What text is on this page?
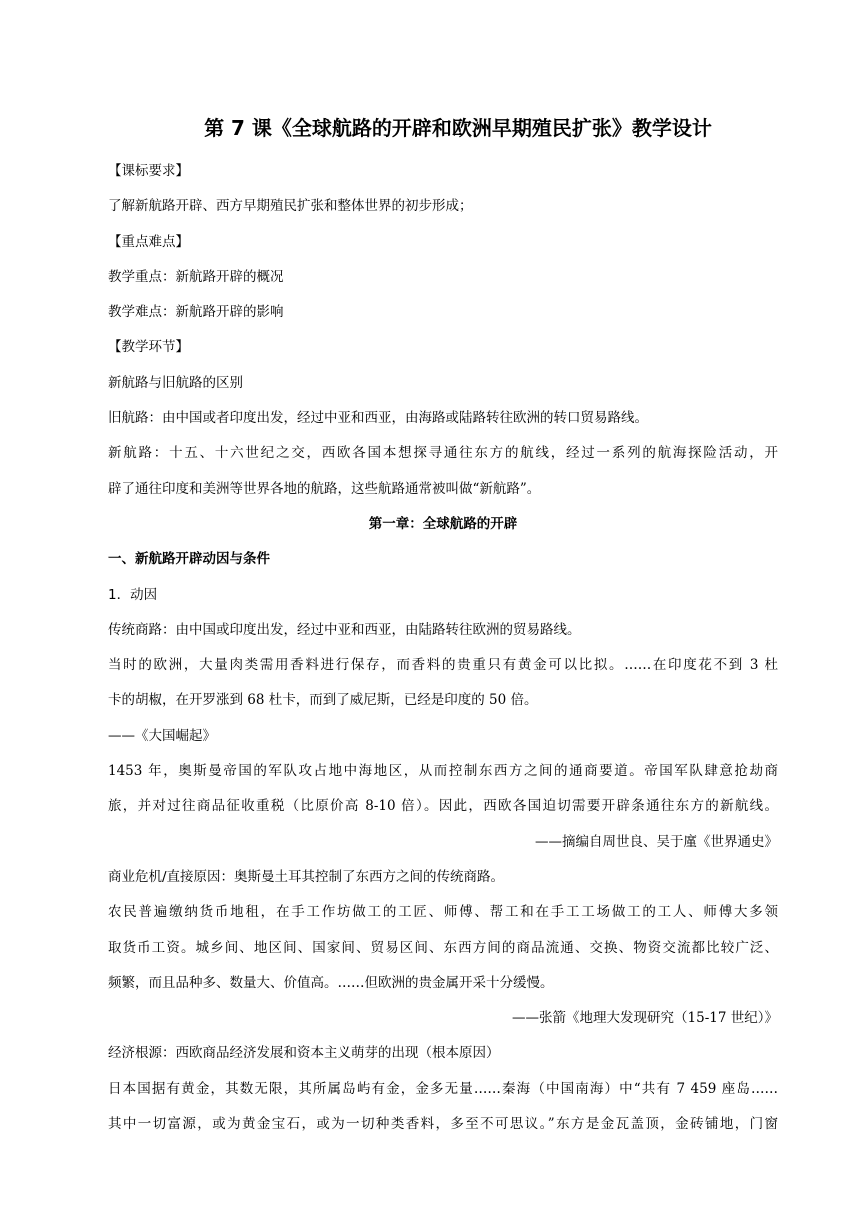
第 7 课《全球航路的开辟和欧洲早期殖民扩张》教学设计
【课标要求】
了解新航路开辟、西方早期殖民扩张和整体世界的初步形成；
【重点难点】
教学重点：新航路开辟的概况
教学难点：新航路开辟的影响
【教学环节】
新航路与旧航路的区别
旧航路：由中国或者印度出发，经过中亚和西亚，由海路或陆路转往欧洲的转口贸易路线。
新航路：十五、十六世纪之交，西欧各国本想探寻通往东方的航线，经过一系列的航海探险活动，开
辟了通往印度和美洲等世界各地的航路，这些航路通常被叫做“新航路”。
第一章：全球航路的开辟
一、新航路开辟动因与条件
1．动因
传统商路：由中国或印度出发，经过中亚和西亚，由陆路转往欧洲的贸易路线。
当时的欧洲，大量肉类需用香料进行保存，而香料的贵重只有黄金可以比拟。……在印度花不到 3 杜
卡的胡椒，在开罗涨到 68 杜卡，而到了威尼斯，已经是印度的 50 倍。
——《大国崛起》
1453 年，奥斯曼帝国的军队攻占地中海地区，从而控制东西方之间的通商要道。帝国军队肆意抢劫商
旅，并对过往商品征收重税（比原价高 8-10 倍）。因此，西欧各国迫切需要开辟条通往东方的新航线。
——摘编自周世良、吴于廑《世界通史》
商业危机/直接原因：奥斯曼土耳其控制了东西方之间的传统商路。
农民普遍缴纳货币地租，在手工作坊做工的工匠、师傅、帮工和在手工工场做工的工人、师傅大多领
取货币工资。城乡间、地区间、国家间、贸易区间、东西方间的商品流通、交换、物资交流都比较广泛、
频繁，而且品种多、数量大、价值高。……但欧洲的贵金属开采十分缓慢。
——张箭《地理大发现研究（15-17 世纪）》
经济根源：西欧商品经济发展和资本主义萌芽的出现（根本原因）
日本国据有黄金，其数无限，其所属岛屿有金，金多无量……秦海（中国南海）中“共有 7 459 座岛……
其中一切富源，或为黄金宝石，或为一切种类香料，多至不可思议。”东方是金瓦盖顶，金砖铺地，门窗
